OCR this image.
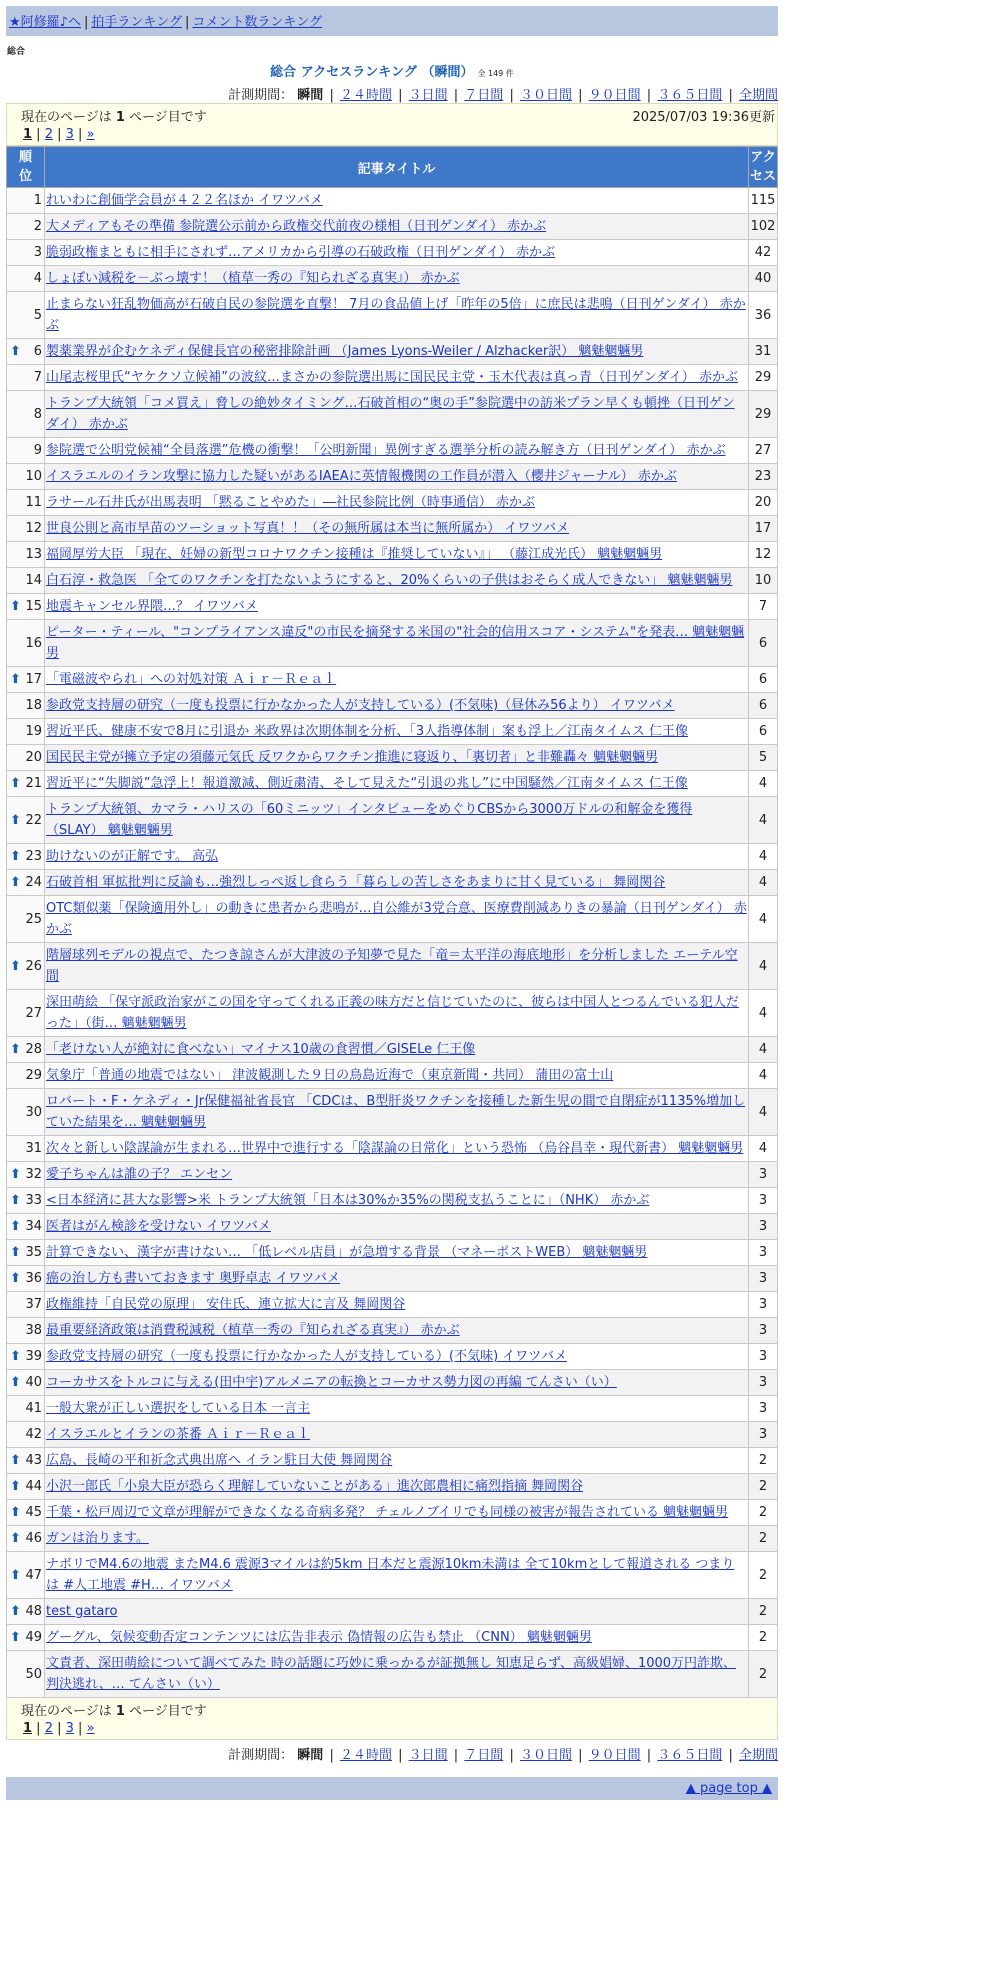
★阿修羅♪へ | 拍手ランキング | コメント数ランキング
総合
総合 アクセスランキング （瞬間） 全 149 件
計測期間： 瞬間 | ２４時間 | ３日間 | ７日間 | ３０日間 | ９０日間 | ３６５日間 | 全期間
現在のページは 1 ページ目です	2025/07/03 19:36更新
1 | 2 | 3 | »
順位	記事タイトル	アクセス
1	れいわに創価学会員が４２２名ほか イワツバメ	115
2	大メディアもその準備 参院選公示前から政権交代前夜の様相（日刊ゲンダイ） 赤かぶ	102
3	脆弱政権まともに相手にされず…アメリカから引導の石破政権（日刊ゲンダイ） 赤かぶ	42
4	しょぼい減税を－ぶっ壊す！（植草一秀の『知られざる真実』） 赤かぶ	40
5	止まらない狂乱物価高が石破自民の参院選を直撃！ 7月の食品値上げ「昨年の5倍」に庶民は悲鳴（日刊ゲンダイ） 赤かぶ	36

⬆ 6	製薬業界が企むケネディ保健長官の秘密排除計画 （James Lyons-Weiler / Alzhacker訳） 魑魅魍魎男	31
7	山尾志桜里氏“ヤケクソ立候補”の波紋…まさかの参院選出馬に国民民主党・玉木代表は真っ青（日刊ゲンダイ） 赤かぶ	29
8	トランプ大統領「コメ買え」脅しの絶妙タイミング…石破首相の“奥の手”参院選中の訪米プラン早くも頓挫（日刊ゲンダイ） 赤かぶ	29
9	参院選で公明党候補“全員落選”危機の衝撃！「公明新聞」異例すぎる選挙分析の読み解き方（日刊ゲンダイ） 赤かぶ	27
10	イスラエルのイラン攻撃に協力した疑いがあるIAEAに英情報機関の工作員が潜入（櫻井ジャーナル） 赤かぶ	23
11	ラサール石井氏が出馬表明 「黙ることやめた」―社民参院比例（時事通信） 赤かぶ	20
12	世良公則と高市早苗のツーショット写真！！（その無所属は本当に無所属か） イワツバメ	17
13	福岡厚労大臣 「現在、妊婦の新型コロナワクチン接種は『推奨していない』」 （藤江成光氏） 魑魅魍魎男	12
14	白石淳・救急医 「全てのワクチンを打たないようにすると、20%くらいの子供はおそらく成人できない」 魑魅魍魎男	10

⬆ 15	地震キャンセル界隈…？ イワツバメ	7
16	ピーター・ティール、"コンプライアンス違反"の市民を摘発する米国の"社会的信用スコア・システム"を発表… 魑魅魍魎男	6

⬆ 17	「電磁波やられ」への対処対策 Ａｉｒ－Ｒｅａｌ	6
18	参政党支持層の研究（一度も投票に行かなかった人が支持している）(不気味)（昼休み56より） イワツバメ	6
19	習近平氏、健康不安で8月に引退か 米政界は次期体制を分析、「3人指導体制」案も浮上／江南タイムス 仁王像	6
20	国民民主党が擁立予定の須藤元気氏 反ワクからワクチン推進に寝返り、「裏切者」と非難轟々 魑魅魍魎男	5

⬆ 21	習近平に“失脚説”急浮上！報道激減、側近粛清、そして見えた“引退の兆し”に中国騒然／江南タイムス 仁王像	4

⬆ 22	トランプ大統領、カマラ・ハリスの「60ミニッツ」インタビューをめぐりCBSから3000万ドルの和解金を獲得 （SLAY） 魑魅魍魎男	4

⬆ 23	助けないのが正解です。 高弘	4

⬆ 24	石破首相 軍拡批判に反論も…強烈しっぺ返し食らう「暮らしの苦しさをあまりに甘く見ている」 舞岡関谷	4
25	OTC類似薬「保険適用外し」の動きに患者から悲鳴が…自公維が3党合意、医療費削減ありきの暴論（日刊ゲンダイ） 赤かぶ	4

⬆ 26	階層球列モデルの視点で、たつき諒さんが大津波の予知夢で見た「竜＝太平洋の海底地形」を分析しました エーテル空間	4
27	深田萌絵 「保守派政治家がこの国を守ってくれる正義の味方だと信じていたのに、彼らは中国人とつるんでいる犯人だった」（街… 魑魅魍魎男	4

⬆ 28	「老けない人が絶対に食べない」マイナス10歳の食習慣／GISELe 仁王像	4
29	気象庁「普通の地震ではない」 津波観測した９日の鳥島近海で（東京新聞・共同） 蒲田の富士山	4
30	ロバート・F・ケネディ・Jr保健福祉省長官 「CDCは、B型肝炎ワクチンを接種した新生児の間で自閉症が1135%増加していた結果を… 魑魅魍魎男	4
31	次々と新しい陰謀論が生まれる…世界中で進行する「陰謀論の日常化」という恐怖 （烏谷昌幸・現代新書） 魑魅魍魎男	4

⬆ 32	愛子ちゃんは誰の子？ エンセン	3

⬆ 33	<日本経済に甚大な影響>米 トランプ大統領「日本は30%か35%の関税支払うことに」（NHK） 赤かぶ	3

⬆ 34	医者はがん検診を受けない イワツバメ	3

⬆ 35	計算できない、漢字が書けない… 「低レベル店員」が急増する背景 （マネーポストWEB） 魑魅魍魎男	3

⬆ 36	癌の治し方も書いておきます 奥野卓志 イワツバメ	3
37	政権維持「自民党の原理」 安住氏、連立拡大に言及 舞岡関谷	3
38	最重要経済政策は消費税減税（植草一秀の『知られざる真実』） 赤かぶ	3

⬆ 39	参政党支持層の研究（一度も投票に行かなかった人が支持している）(不気味) イワツバメ	3

⬆ 40	コーカサスをトルコに与える(田中宇)アルメニアの転換とコーカサス勢力図の再編 てんさい（い）	3
41	一般大衆が正しい選択をしている日本 一言主	3
42	イスラエルとイランの茶番 Ａｉｒ－Ｒｅａｌ	3

⬆ 43	広島、長崎の平和祈念式典出席へ イラン駐日大使 舞岡関谷	2

⬆ 44	小沢一郎氏「小泉大臣が恐らく理解していないことがある」進次郎農相に痛烈指摘 舞岡関谷	2

⬆ 45	千葉・松戸周辺で文章が理解ができなくなる奇病多発？ チェルノブイリでも同様の被害が報告されている 魑魅魍魎男	2

⬆ 46	ガンは治ります。	2

⬆ 47	ナボリでM4.6の地震 またM4.6 震源3マイルは約5km 日本だと震源10km未満は 全て10kmとして報道される つまりは #人工地震 #H… イワツバメ	2

⬆ 48	test gataro	2

⬆ 49	グーグル、気候変動否定コンテンツには広告非表示 偽情報の広告も禁止 （CNN） 魑魅魍魎男	2
50	文責者、深田萌絵について調べてみた 時の話題に巧妙に乗っかるが証拠無し 知恵足らず、高級娼婦、1000万円詐欺、判決逃れ、… てんさい（い）	2
現在のページは 1 ページ目です
1 | 2 | 3 | »
計測期間： 瞬間 | ２４時間 | ３日間 | ７日間 | ３０日間 | ９０日間 | ３６５日間 | 全期間
▲ page top ▲
